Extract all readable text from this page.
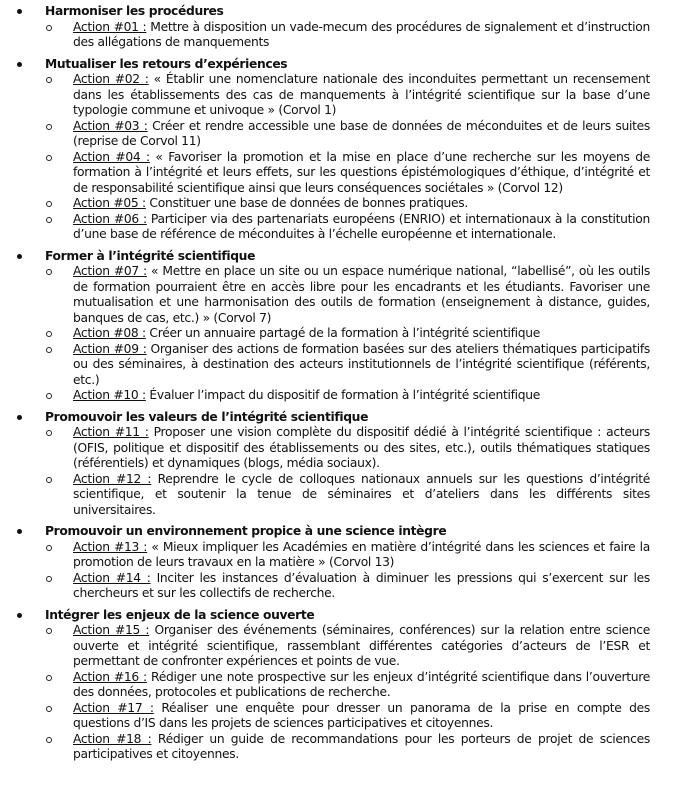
Harmoniser les procédures
Action #01 : Mettre à disposition un vade-mecum des procédures de signalement et d’instruction des allégations de manquements
Mutualiser les retours d’expériences
Action #02 : « Établir une nomenclature nationale des inconduites permettant un recensement dans les établissements des cas de manquements à l’intégrité scientifique sur la base d’une typologie commune et univoque » (Corvol 1)
Action #03 : Créer et rendre accessible une base de données de méconduites et de leurs suites (reprise de Corvol 11)
Action #04 : « Favoriser la promotion et la mise en place d’une recherche sur les moyens de formation à l’intégrité et leurs effets, sur les questions épistémologiques d’éthique, d’intégrité et de responsabilité scientifique ainsi que leurs conséquences sociétales » (Corvol 12)
Action #05 : Constituer une base de données de bonnes pratiques.
Action #06 : Participer via des partenariats européens (ENRIO) et internationaux à la constitution d’une base de référence de méconduites à l’échelle européenne et internationale.
Former à l’intégrité scientifique
Action #07 : « Mettre en place un site ou un espace numérique national, “labellisé”, où les outils de formation pourraient être en accès libre pour les encadrants et les étudiants. Favoriser une mutualisation et une harmonisation des outils de formation (enseignement à distance, guides, banques de cas, etc.) » (Corvol 7)
Action #08 : Créer un annuaire partagé de la formation à l’intégrité scientifique
Action #09 : Organiser des actions de formation basées sur des ateliers thématiques participatifs ou des séminaires, à destination des acteurs institutionnels de l’intégrité scientifique (référents, etc.)
Action #10 : Évaluer l’impact du dispositif de formation à l’intégrité scientifique
Promouvoir les valeurs de l’intégrité scientifique
Action #11 : Proposer une vision complète du dispositif dédié à l’intégrité scientifique : acteurs (OFIS, politique et dispositif des établissements ou des sites, etc.), outils thématiques statiques (référentiels) et dynamiques (blogs, média sociaux).
Action #12 : Reprendre le cycle de colloques nationaux annuels sur les questions d’intégrité scientifique, et soutenir la tenue de séminaires et d’ateliers dans les différents sites universitaires.
Promouvoir un environnement propice à une science intègre
Action #13 : « Mieux impliquer les Académies en matière d’intégrité dans les sciences et faire la promotion de leurs travaux en la matière » (Corvol 13)
Action #14 : Inciter les instances d’évaluation à diminuer les pressions qui s’exercent sur les chercheurs et sur les collectifs de recherche.
Intégrer les enjeux de la science ouverte
Action #15 : Organiser des événements (séminaires, conférences) sur la relation entre science ouverte et intégrité scientifique, rassemblant différentes catégories d’acteurs de l’ESR et permettant de confronter expériences et points de vue.
Action #16 : Rédiger une note prospective sur les enjeux d’intégrité scientifique dans l’ouverture des données, protocoles et publications de recherche.
Action #17 : Réaliser une enquête pour dresser un panorama de la prise en compte des questions d’IS dans les projets de sciences participatives et citoyennes.
Action #18 : Rédiger un guide de recommandations pour les porteurs de projet de sciences participatives et citoyennes.
